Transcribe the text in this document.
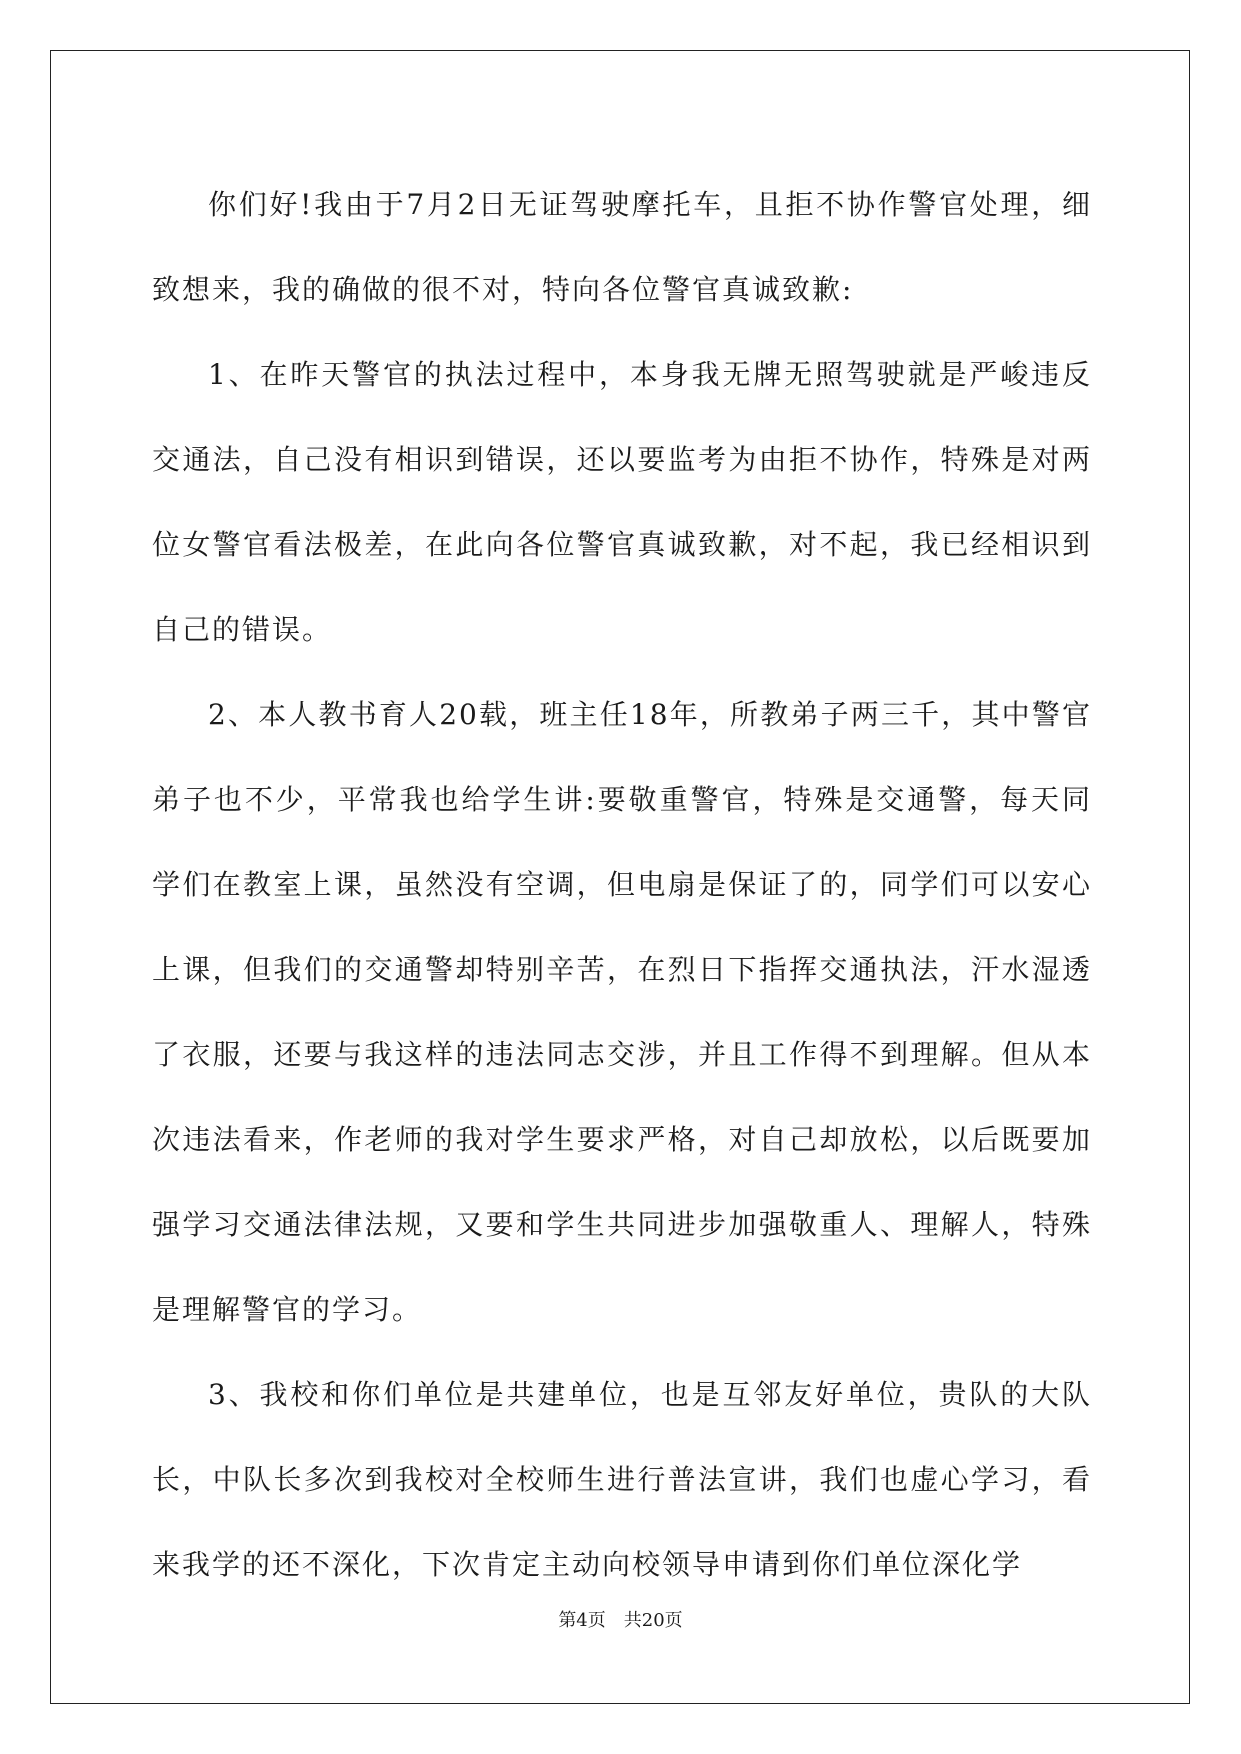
你们好!我由于7月2日无证驾驶摩托车，且拒不协作警官处理，细致想来，我的确做的很不对，特向各位警官真诚致歉:

1、在昨天警官的执法过程中，本身我无牌无照驾驶就是严峻违反交通法，自己没有相识到错误，还以要监考为由拒不协作，特殊是对两位女警官看法极差，在此向各位警官真诚致歉，对不起，我已经相识到自己的错误。

2、本人教书育人20载，班主任18年，所教弟子两三千，其中警官弟子也不少，平常我也给学生讲:要敬重警官，特殊是交通警，每天同学们在教室上课，虽然没有空调，但电扇是保证了的，同学们可以安心上课，但我们的交通警却特别辛苦，在烈日下指挥交通执法，汗水湿透了衣服，还要与我这样的违法同志交涉，并且工作得不到理解。但从本次违法看来，作老师的我对学生要求严格，对自己却放松，以后既要加强学习交通法律法规，又要和学生共同进步加强敬重人、理解人，特殊是理解警官的学习。

3、我校和你们单位是共建单位，也是互邻友好单位，贵队的大队长，中队长多次到我校对全校师生进行普法宣讲，我们也虚心学习，看来我学的还不深化，下次肯定主动向校领导申请到你们单位深化学

第4页　共20页
